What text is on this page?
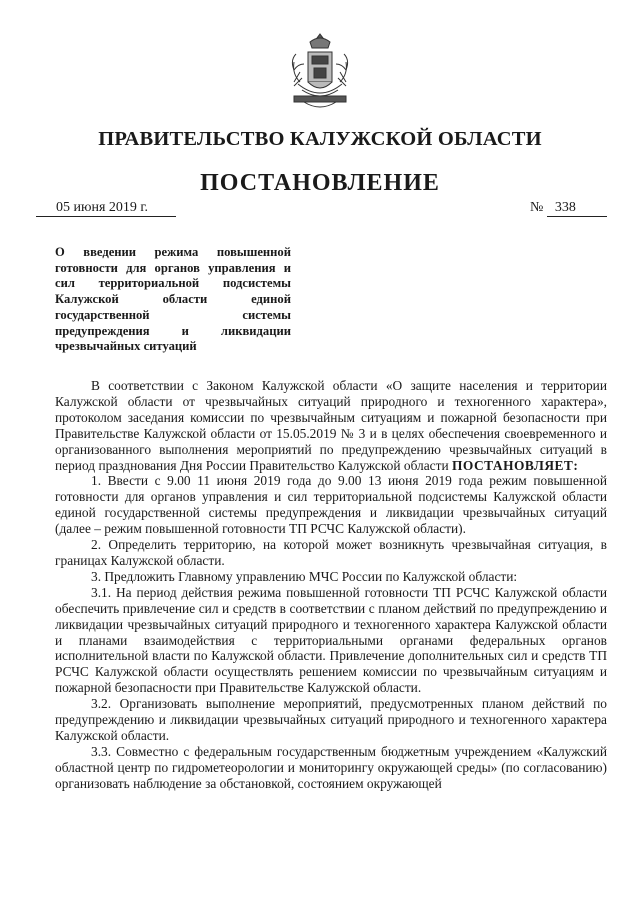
ПРАВИТЕЛЬСТВО КАЛУЖСКОЙ ОБЛАСТИ
ПОСТАНОВЛЕНИЕ
05 июня 2019 г.	№ 338
О введении режима повышенной готовности для органов управления и сил территориальной подсистемы Калужской области единой государственной системы предупреждения и ликвидации чрезвычайных ситуаций

В соответствии с Законом Калужской области «О защите населения и территории Калужской области от чрезвычайных ситуаций природного и техногенного характера», протоколом заседания комиссии по чрезвычайным ситуациям и пожарной безопасности при Правительстве Калужской области от 15.05.2019 № 3 и в целях обеспечения своевременного и организованного выполнения мероприятий по предупреждению чрезвычайных ситуаций в период празднования Дня России Правительство Калужской области ПОСТАНОВЛЯЕТ:

1. Ввести с 9.00 11 июня 2019 года до 9.00 13 июня 2019 года режим повышенной готовности для органов управления и сил территориальной подсистемы Калужской области единой государственной системы предупреждения и ликвидации чрезвычайных ситуаций (далее – режим повышенной готовности ТП РСЧС Калужской области).

2. Определить территорию, на которой может возникнуть чрезвычайная ситуация, в границах Калужской области.

3. Предложить Главному управлению МЧС России по Калужской области:

3.1. На период действия режима повышенной готовности ТП РСЧС Калужской области обеспечить привлечение сил и средств в соответствии с планом действий по предупреждению и ликвидации чрезвычайных ситуаций природного и техногенного характера Калужской области и планами взаимодействия с территориальными органами федеральных органов исполнительной власти по Калужской области. Привлечение дополнительных сил и средств ТП РСЧС Калужской области осуществлять решением комиссии по чрезвычайным ситуациям и пожарной безопасности при Правительстве Калужской области.

3.2. Организовать выполнение мероприятий, предусмотренных планом действий по предупреждению и ликвидации чрезвычайных ситуаций природного и техногенного характера Калужской области.

3.3. Совместно с федеральным государственным бюджетным учреждением «Калужский областной центр по гидрометеорологии и мониторингу окружающей среды» (по согласованию) организовать наблюдение за обстановкой, состоянием окружающей
